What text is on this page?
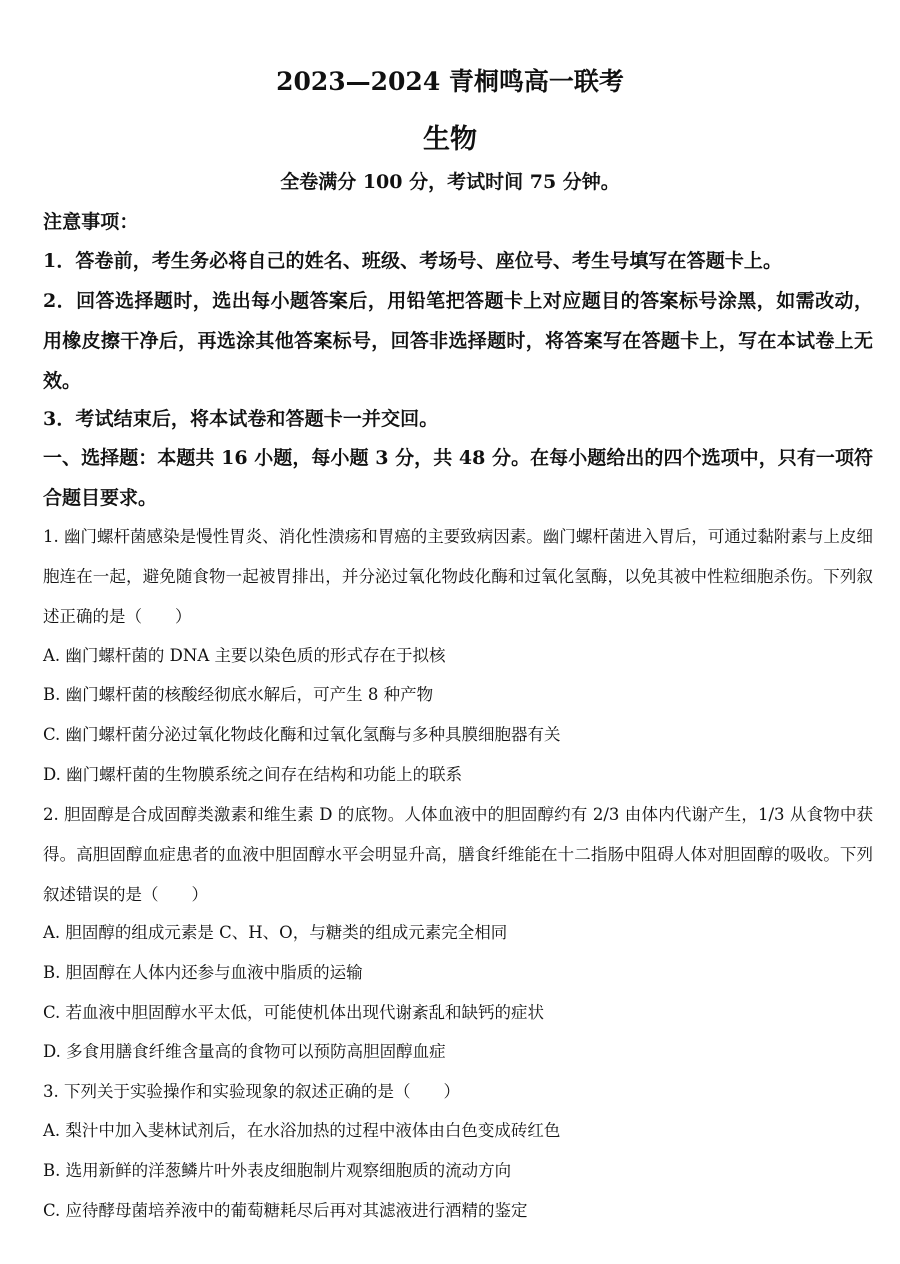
2023—2024 青桐鸣高一联考
生物
全卷满分 100 分，考试时间 75 分钟。
注意事项：
1．答卷前，考生务必将自己的姓名、班级、考场号、座位号、考生号填写在答题卡上。
2．回答选择题时，选出每小题答案后，用铅笔把答题卡上对应题目的答案标号涂黑，如需改动，用橡皮擦干净后，再选涂其他答案标号，回答非选择题时，将答案写在答题卡上，写在本试卷上无效。
3．考试结束后，将本试卷和答题卡一并交回。
一、选择题：本题共 16 小题，每小题 3 分，共 48 分。在每小题给出的四个选项中，只有一项符合题目要求。
1. 幽门螺杆菌感染是慢性胃炎、消化性溃疡和胃癌的主要致病因素。幽门螺杆菌进入胃后，可通过黏附素与上皮细胞连在一起，避免随食物一起被胃排出，并分泌过氧化物歧化酶和过氧化氢酶，以免其被中性粒细胞杀伤。下列叙述正确的是（　　）
A. 幽门螺杆菌的 DNA 主要以染色质的形式存在于拟核
B. 幽门螺杆菌的核酸经彻底水解后，可产生 8 种产物
C. 幽门螺杆菌分泌过氧化物歧化酶和过氧化氢酶与多种具膜细胞器有关
D. 幽门螺杆菌的生物膜系统之间存在结构和功能上的联系
2. 胆固醇是合成固醇类激素和维生素 D 的底物。人体血液中的胆固醇约有 2/3 由体内代谢产生，1/3 从食物中获得。高胆固醇血症患者的血液中胆固醇水平会明显升高，膳食纤维能在十二指肠中阻碍人体对胆固醇的吸收。下列叙述错误的是（　　）
A. 胆固醇的组成元素是 C、H、O，与糖类的组成元素完全相同
B. 胆固醇在人体内还参与血液中脂质的运输
C. 若血液中胆固醇水平太低，可能使机体出现代谢紊乱和缺钙的症状
D. 多食用膳食纤维含量高的食物可以预防高胆固醇血症
3. 下列关于实验操作和实验现象的叙述正确的是（　　）
A. 梨汁中加入斐林试剂后，在水浴加热的过程中液体由白色变成砖红色
B. 选用新鲜的洋葱鳞片叶外表皮细胞制片观察细胞质的流动方向
C. 应待酵母菌培养液中的葡萄糖耗尽后再对其滤液进行酒精的鉴定
